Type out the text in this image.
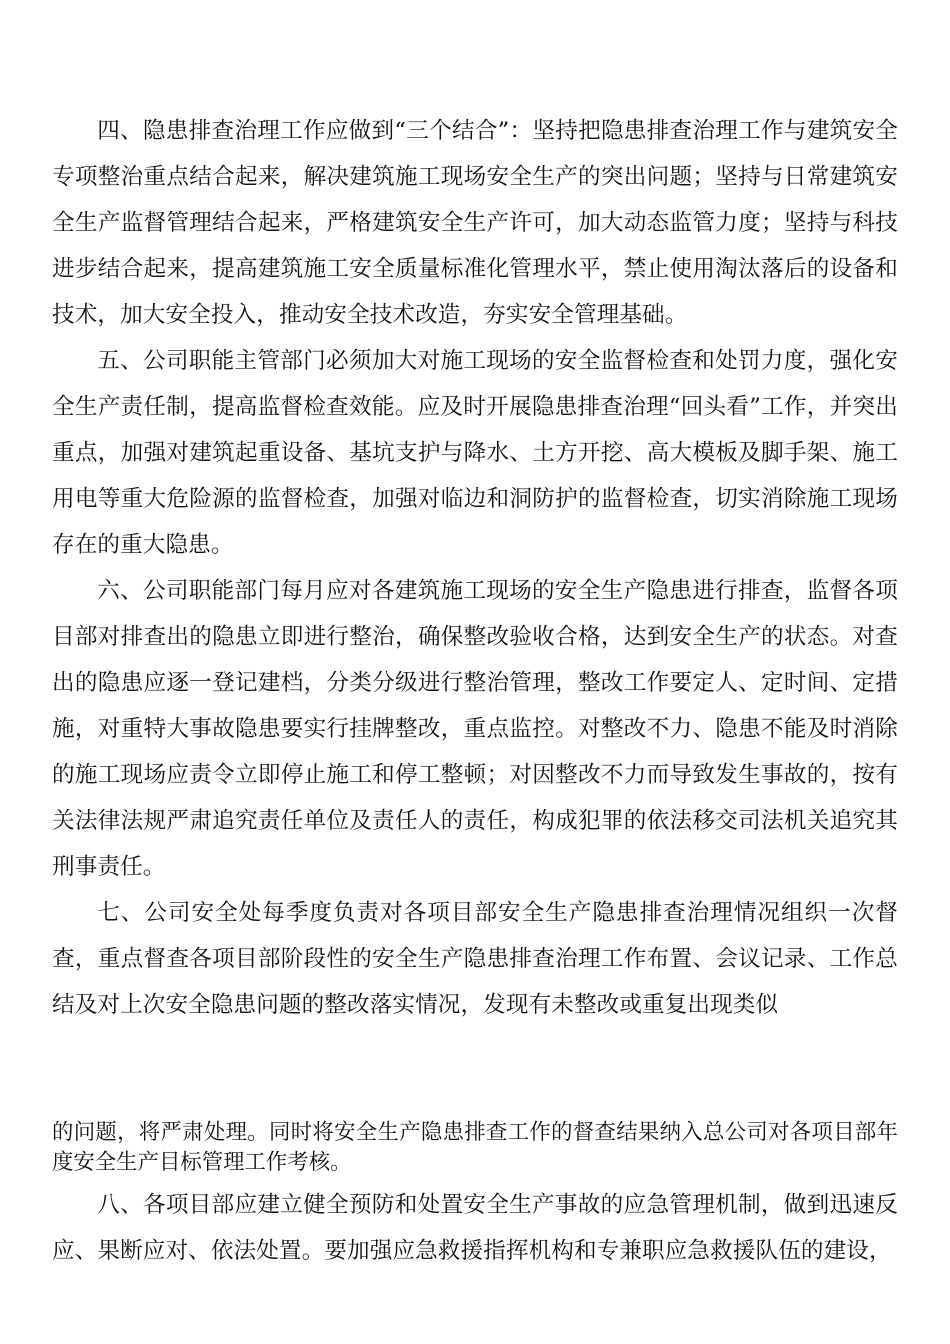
四、隐患排查治理工作应做到“三个结合”：坚持把隐患排查治理工作与建筑安全专项整治重点结合起来，解决建筑施工现场安全生产的突出问题；坚持与日常建筑安全生产监督管理结合起来，严格建筑安全生产许可，加大动态监管力度；坚持与科技进步结合起来，提高建筑施工安全质量标准化管理水平，禁止使用淘汰落后的设备和技术，加大安全投入，推动安全技术改造，夯实安全管理基础。

五、公司职能主管部门必须加大对施工现场的安全监督检查和处罚力度，强化安全生产责任制，提高监督检查效能。应及时开展隐患排查治理“回头看”工作，并突出重点，加强对建筑起重设备、基坑支护与降水、土方开挖、高大模板及脚手架、施工用电等重大危险源的监督检查，加强对临边和洞防护的监督检查，切实消除施工现场存在的重大隐患。

六、公司职能部门每月应对各建筑施工现场的安全生产隐患进行排查，监督各项目部对排查出的隐患立即进行整治，确保整改验收合格，达到安全生产的状态。对查出的隐患应逐一登记建档，分类分级进行整治管理，整改工作要定人、定时间、定措施，对重特大事故隐患要实行挂牌整改，重点监控。对整改不力、隐患不能及时消除的施工现场应责令立即停止施工和停工整顿；对因整改不力而导致发生事故的，按有关法律法规严肃追究责任单位及责任人的责任，构成犯罪的依法移交司法机关追究其刑事责任。

七、公司安全处每季度负责对各项目部安全生产隐患排查治理情况组织一次督查，重点督查各项目部阶段性的安全生产隐患排查治理工作布置、会议记录、工作总结及对上次安全隐患问题的整改落实情况，发现有未整改或重复出现类似

的问题，将严肃处理。同时将安全生产隐患排查工作的督查结果纳入总公司对各项目部年度安全生产目标管理工作考核。

八、各项目部应建立健全预防和处置安全生产事故的应急管理机制，做到迅速反应、果断应对、依法处置。要加强应急救援指挥机构和专兼职应急救援队伍的建设，
